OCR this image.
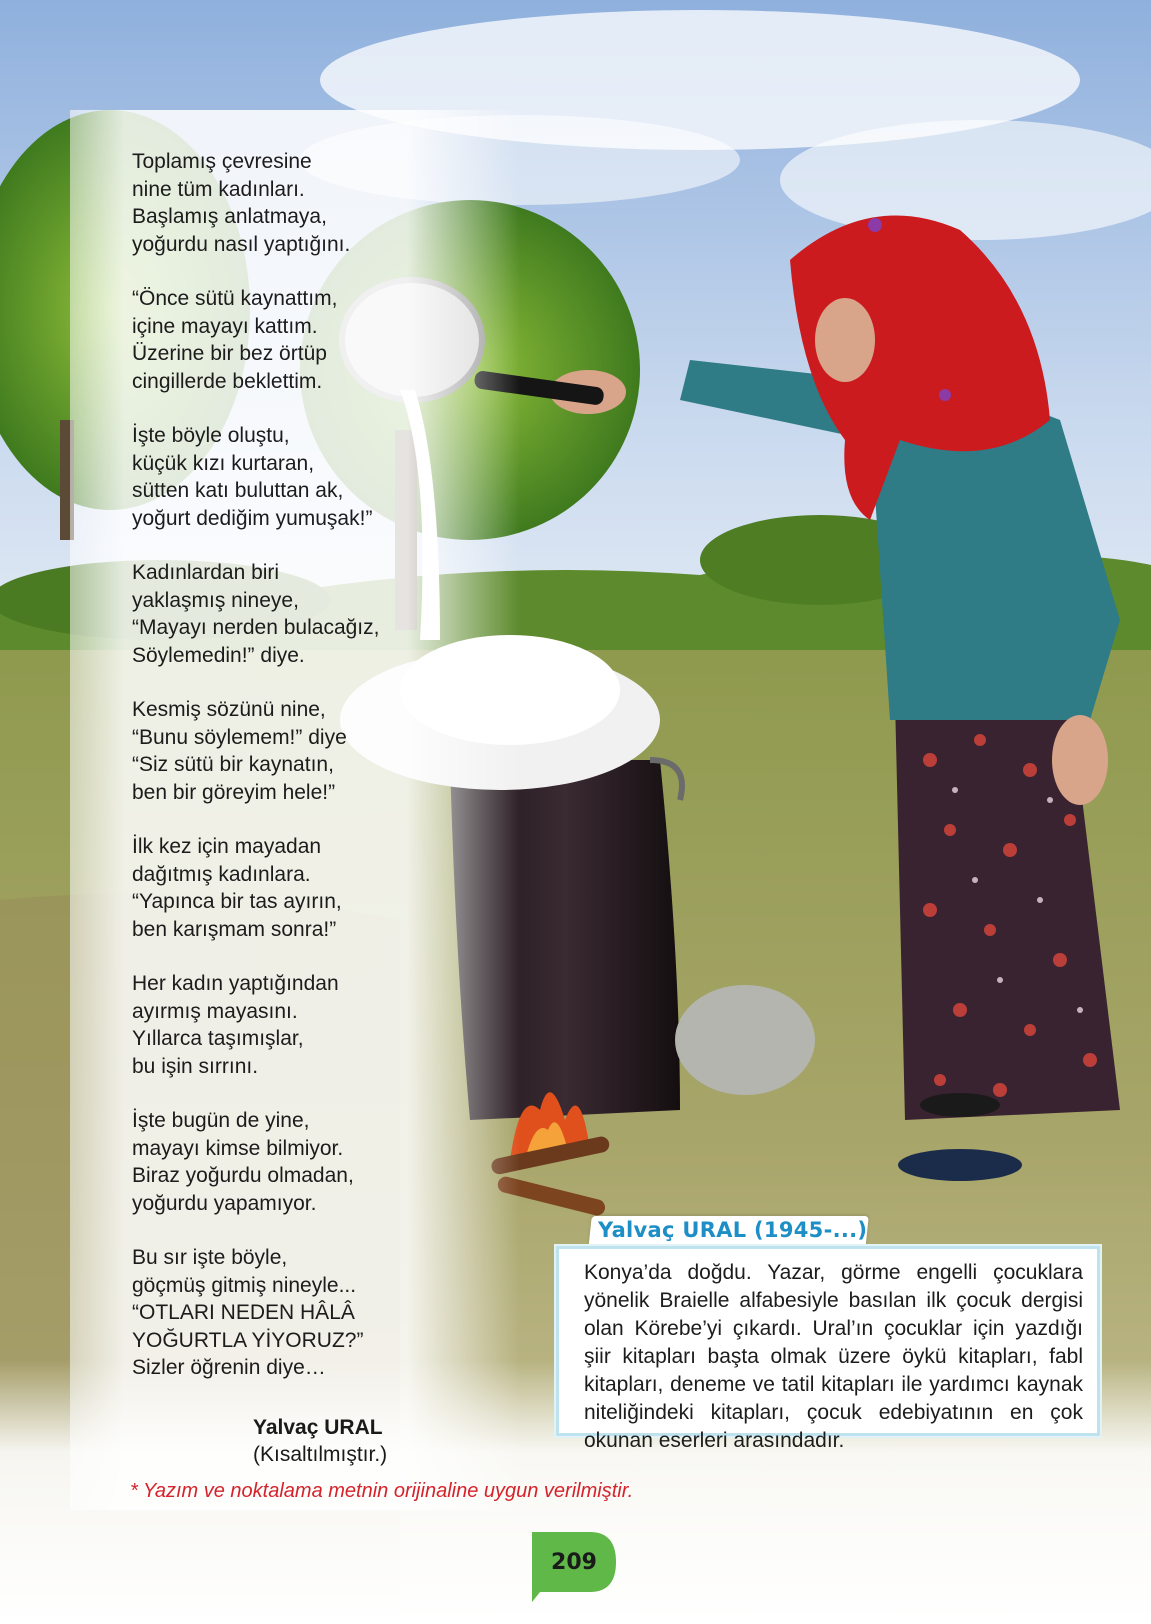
Toplamış çevresine
nine tüm kadınları.
Başlamış anlatmaya,
yoğurdu nasıl yaptığını.
“Önce sütü kaynattım,
içine mayayı kattım.
Üzerine bir bez örtüp
cingillerde beklettim.
İşte böyle oluştu,
küçük kızı kurtaran,
sütten katı buluttan ak,
yoğurt dediğim yumuşak!”
Kadınlardan biri
yaklaşmış nineye,
“Mayayı nerden bulacağız,
Söylemedin!” diye.
Kesmiş sözünü nine,
“Bunu söylemem!” diye
“Siz sütü bir kaynatın,
ben bir göreyim hele!”
İlk kez için mayadan
dağıtmış kadınlara.
“Yapınca bir tas ayırın,
ben karışmam sonra!”
Her kadın yaptığından
ayırmış mayasını.
Yıllarca taşımışlar,
bu işin sırrını.
İşte bugün de yine,
mayayı kimse bilmiyor.
Biraz yoğurdu olmadan,
yoğurdu yapamıyor.
Bu sır işte böyle,
göçmüş gitmiş nineyle...
“OTLARI NEDEN HÂLÂ
YOĞURTLA YİYORUZ?”
Sizler öğrenin diye…
Yalvaç URAL
(Kısaltılmıştır.)
* Yazım ve noktalama metnin orijinaline uygun verilmiştir.
Yalvaç URAL (1945-...)
Konya’da doğdu. Yazar, görme engelli çocuklara yönelik Braielle alfabesiyle basılan ilk çocuk dergisi olan Körebe’yi çıkardı. Ural’ın çocuklar için yazdığı şiir kitapları başta olmak üzere öykü kitapları, fabl kitapları, deneme ve tatil kitapları ile yardımcı kaynak niteliğindeki kitapları, çocuk edebiyatının en çok okunan eserleri arasındadır.
209
